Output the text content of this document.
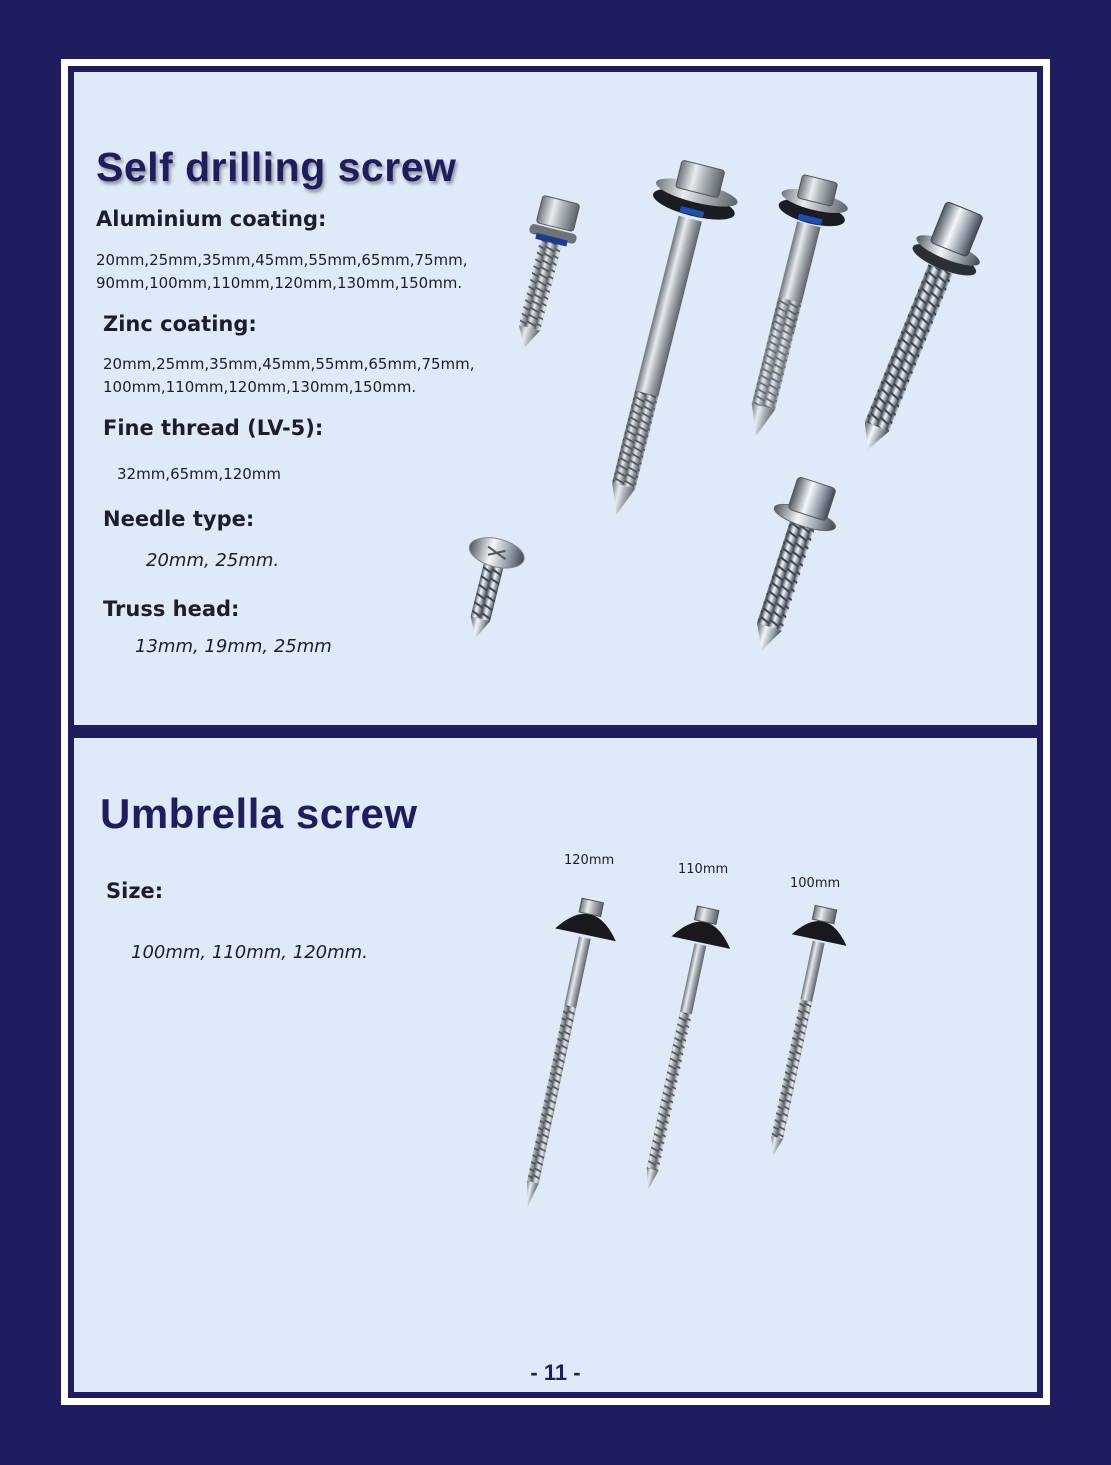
Self drilling screw

Aluminium coating:

20mm,25mm,35mm,45mm,55mm,65mm,75mm,

90mm,100mm,110mm,120mm,130mm,150mm.

Zinc coating:

20mm,25mm,35mm,45mm,55mm,65mm,75mm,

100mm,110mm,120mm,130mm,150mm.

Fine thread (LV-5):

32mm,65mm,120mm

Needle type:

20mm, 25mm.

Truss head:

13mm, 19mm, 25mm

Umbrella screw

Size:

100mm, 110mm, 120mm.

120mm

110mm

100mm

- 11 -
